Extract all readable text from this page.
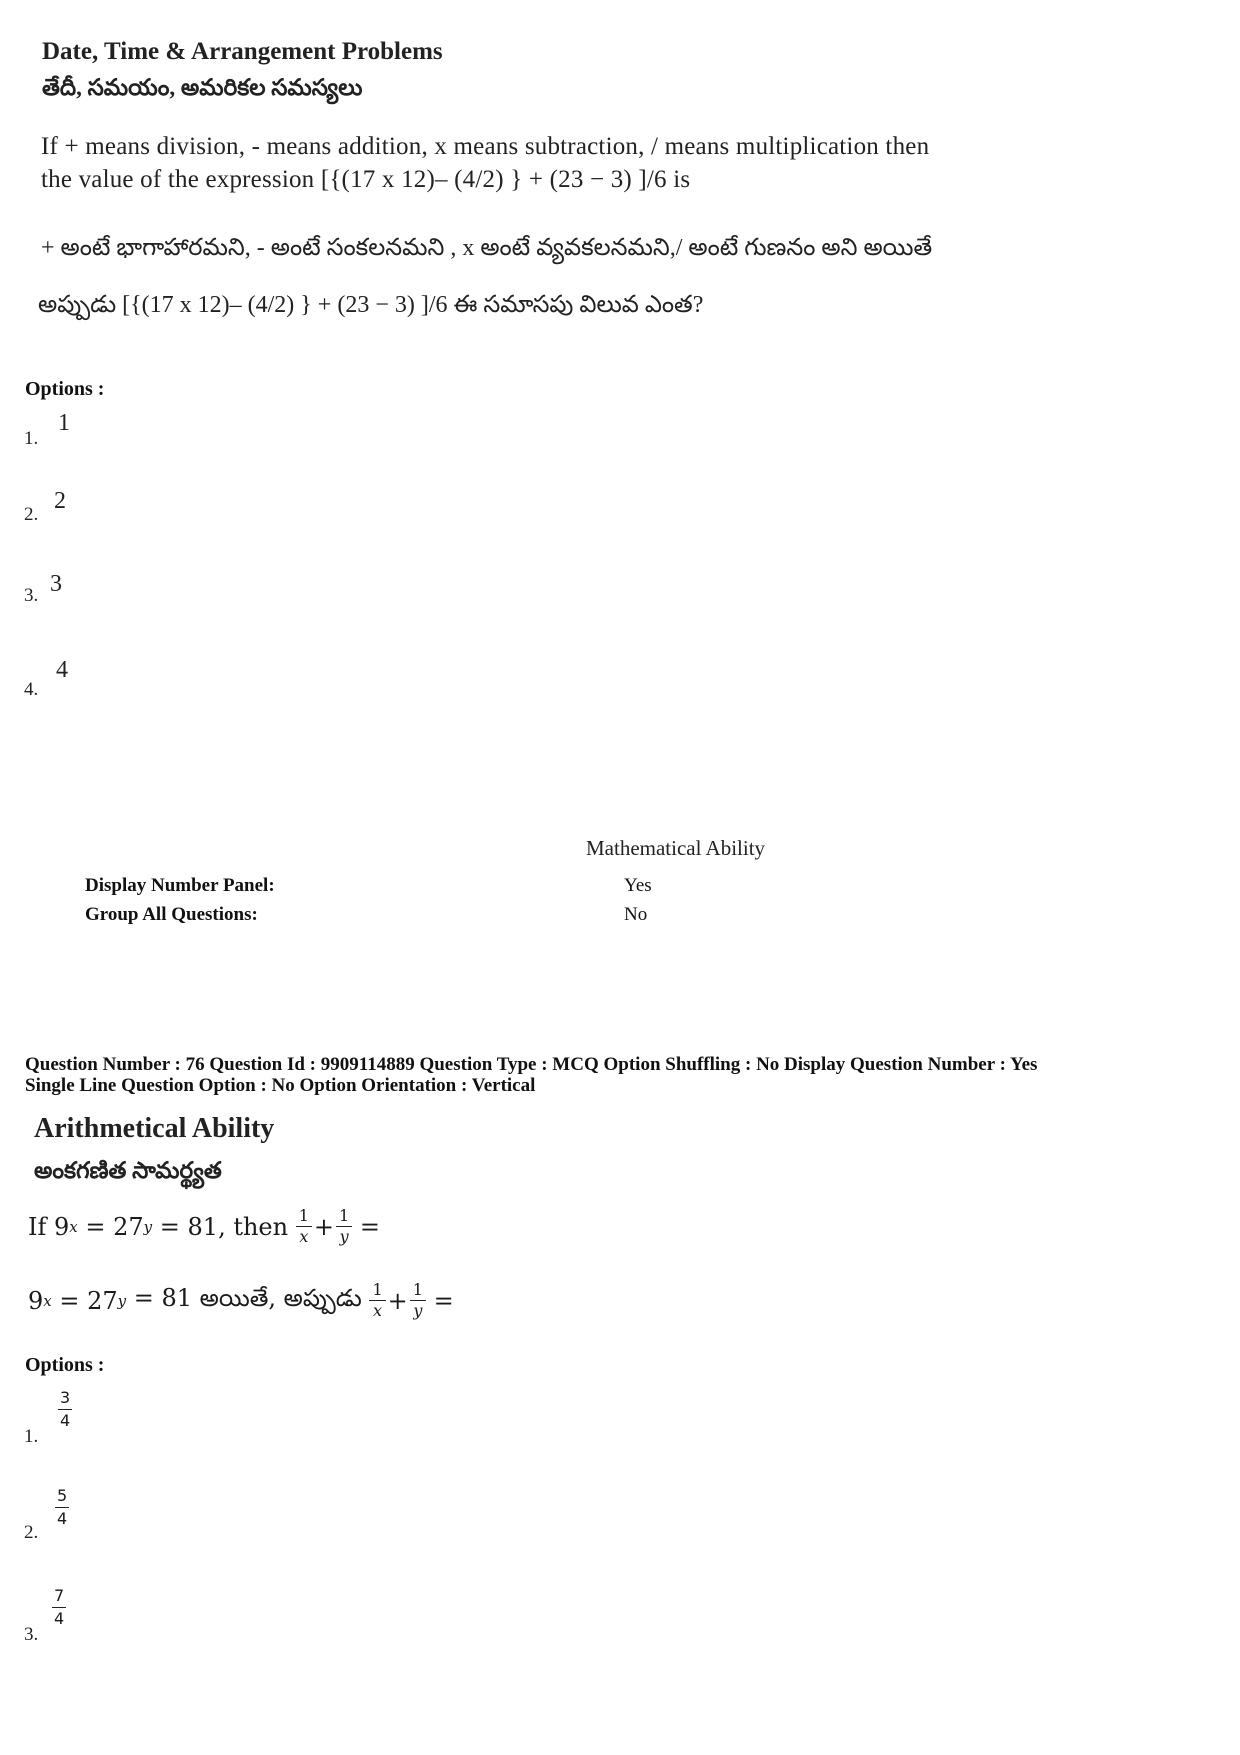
Date, Time & Arrangement Problems
తేదీ, సమయం, అమరికల సమస్యలు
If + means division, - means addition, x means subtraction, / means multiplication then
the value of the expression [{(17 x 12)– (4/2) } + (23 − 3) ]/6 is
+ అంటే భాగాహారమని, - అంటే సంకలనమని , x అంటే వ్యవకలనమని,/ అంటే గుణనం అని అయితే
అప్పుడు [{(17 x 12)– (4/2) } + (23 − 3) ]/6 ఈ సమాసపు విలువ ఎంత?
Options :
1.
1
2.
2
3. 3
4.
4
Mathematical Ability
Display Number Panel:	Yes
Group All Questions:	No
Question Number : 76 Question Id : 9909114889 Question Type : MCQ Option Shuffling : No Display Question Number : Yes
Single Line Question Option : No Option Orientation : Vertical
Arithmetical Ability
అంకగణిత సామర్థ్యత
If
9 x = 27 y = 81, then
$\frac{1}{x} + \frac{1}{y}$
=
9 x = 27 y = 81 అయితే, అప్పుడు
$\frac{1}{x} + \frac{1}{y}$
=
Options :
1.
$\frac{3}{4}$
2.
$\frac{5}{4}$
3.
$\frac{7}{4}$
